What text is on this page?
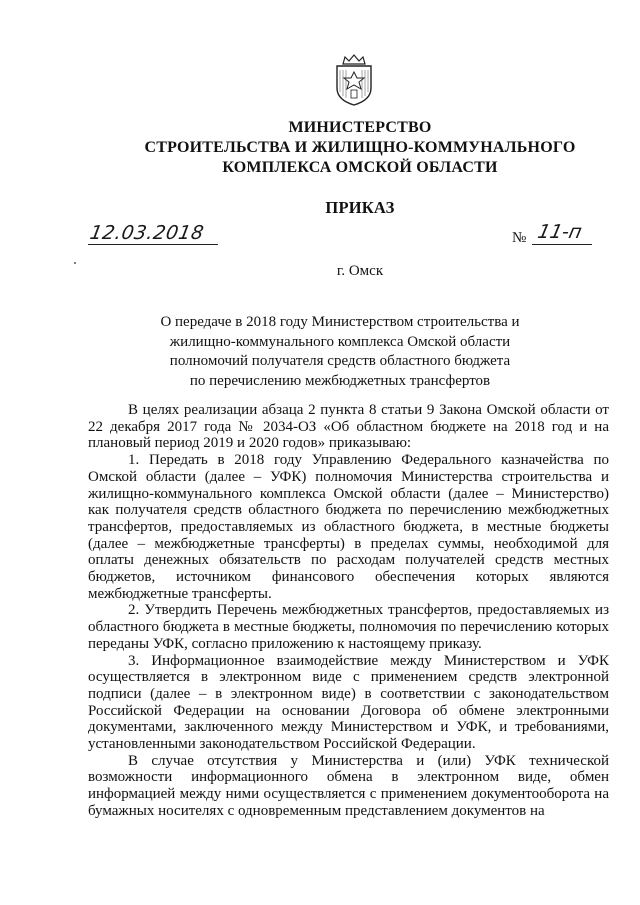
МИНИСТЕРСТВО
СТРОИТЕЛЬСТВА И ЖИЛИЩНО-КОММУНАЛЬНОГО
КОМПЛЕКСА ОМСКОЙ ОБЛАСТИ
ПРИКАЗ
12.03.2018	№ 11-п
г. Омск
О передаче в 2018 году Министерством строительства и
жилищно-коммунального комплекса Омской области
полномочий получателя средств областного бюджета
по перечислению межбюджетных трансфертов

В целях реализации абзаца 2 пункта 8 статьи 9 Закона Омской области от 22 декабря 2017 года № 2034-ОЗ «Об областном бюджете на 2018 год и на плановый период 2019 и 2020 годов» приказываю:

1. Передать в 2018 году Управлению Федерального казначейства по Омской области (далее – УФК) полномочия Министерства строительства и жилищно-коммунального комплекса Омской области (далее – Министерство) как получателя средств областного бюджета по перечислению межбюджетных трансфертов, предоставляемых из областного бюджета, в местные бюджеты (далее – межбюджетные трансферты) в пределах суммы, необходимой для оплаты денежных обязательств по расходам получателей средств местных бюджетов, источником финансового обеспечения которых являются межбюджетные трансферты.

2. Утвердить Перечень межбюджетных трансфертов, предоставляемых из областного бюджета в местные бюджеты, полномочия по перечислению которых переданы УФК, согласно приложению к настоящему приказу.

3. Информационное взаимодействие между Министерством и УФК осуществляется в электронном виде с применением средств электронной подписи (далее – в электронном виде) в соответствии с законодательством Российской Федерации на основании Договора об обмене электронными документами, заключенного между Министерством и УФК, и требованиями, установленными законодательством Российской Федерации.

В случае отсутствия у Министерства и (или) УФК технической возможности информационного обмена в электронном виде, обмен информацией между ними осуществляется с применением документооборота на бумажных носителях с одновременным представлением документов на
